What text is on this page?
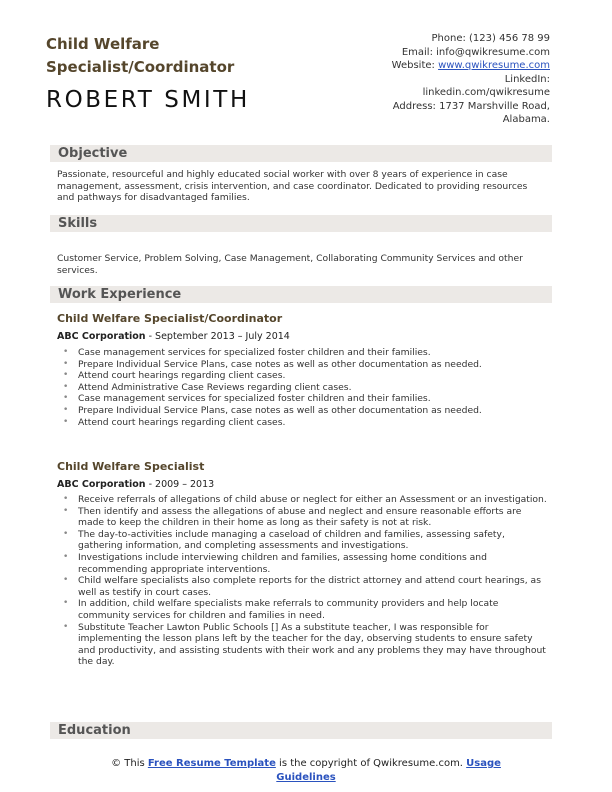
Child Welfare Specialist/Coordinator
ROBERT SMITH
Phone: (123) 456 78 99
Email: info@qwikresume.com
Website: www.qwikresume.com
LinkedIn:
linkedin.com/qwikresume
Address: 1737 Marshville Road,
Alabama.
Objective
Passionate, resourceful and highly educated social worker with over 8 years of experience in case management, assessment, crisis intervention, and case coordinator. Dedicated to providing resources and pathways for disadvantaged families.
Skills
Customer Service, Problem Solving, Case Management, Collaborating Community Services and other services.
Work Experience
Child Welfare Specialist/Coordinator
ABC Corporation - September 2013 – July 2014
• Case management services for specialized foster children and their families.
• Prepare Individual Service Plans, case notes as well as other documentation as needed.
• Attend court hearings regarding client cases.
• Attend Administrative Case Reviews regarding client cases.
• Case management services for specialized foster children and their families.
• Prepare Individual Service Plans, case notes as well as other documentation as needed.
• Attend court hearings regarding client cases.
Child Welfare Specialist
ABC Corporation - 2009 – 2013
• Receive referrals of allegations of child abuse or neglect for either an Assessment or an investigation.
• Then identify and assess the allegations of abuse and neglect and ensure reasonable efforts are made to keep the children in their home as long as their safety is not at risk.
• The day-to-activities include managing a caseload of children and families, assessing safety, gathering information, and completing assessments and investigations.
• Investigations include interviewing children and families, assessing home conditions and recommending appropriate interventions.
• Child welfare specialists also complete reports for the district attorney and attend court hearings, as well as testify in court cases.
• In addition, child welfare specialists make referrals to community providers and help locate community services for children and families in need.
• Substitute Teacher Lawton Public Schools [] As a substitute teacher, I was responsible for implementing the lesson plans left by the teacher for the day, observing students to ensure safety and productivity, and assisting students with their work and any problems they may have throughout the day.
Education
© This Free Resume Template is the copyright of Qwikresume.com. Usage
Guidelines
